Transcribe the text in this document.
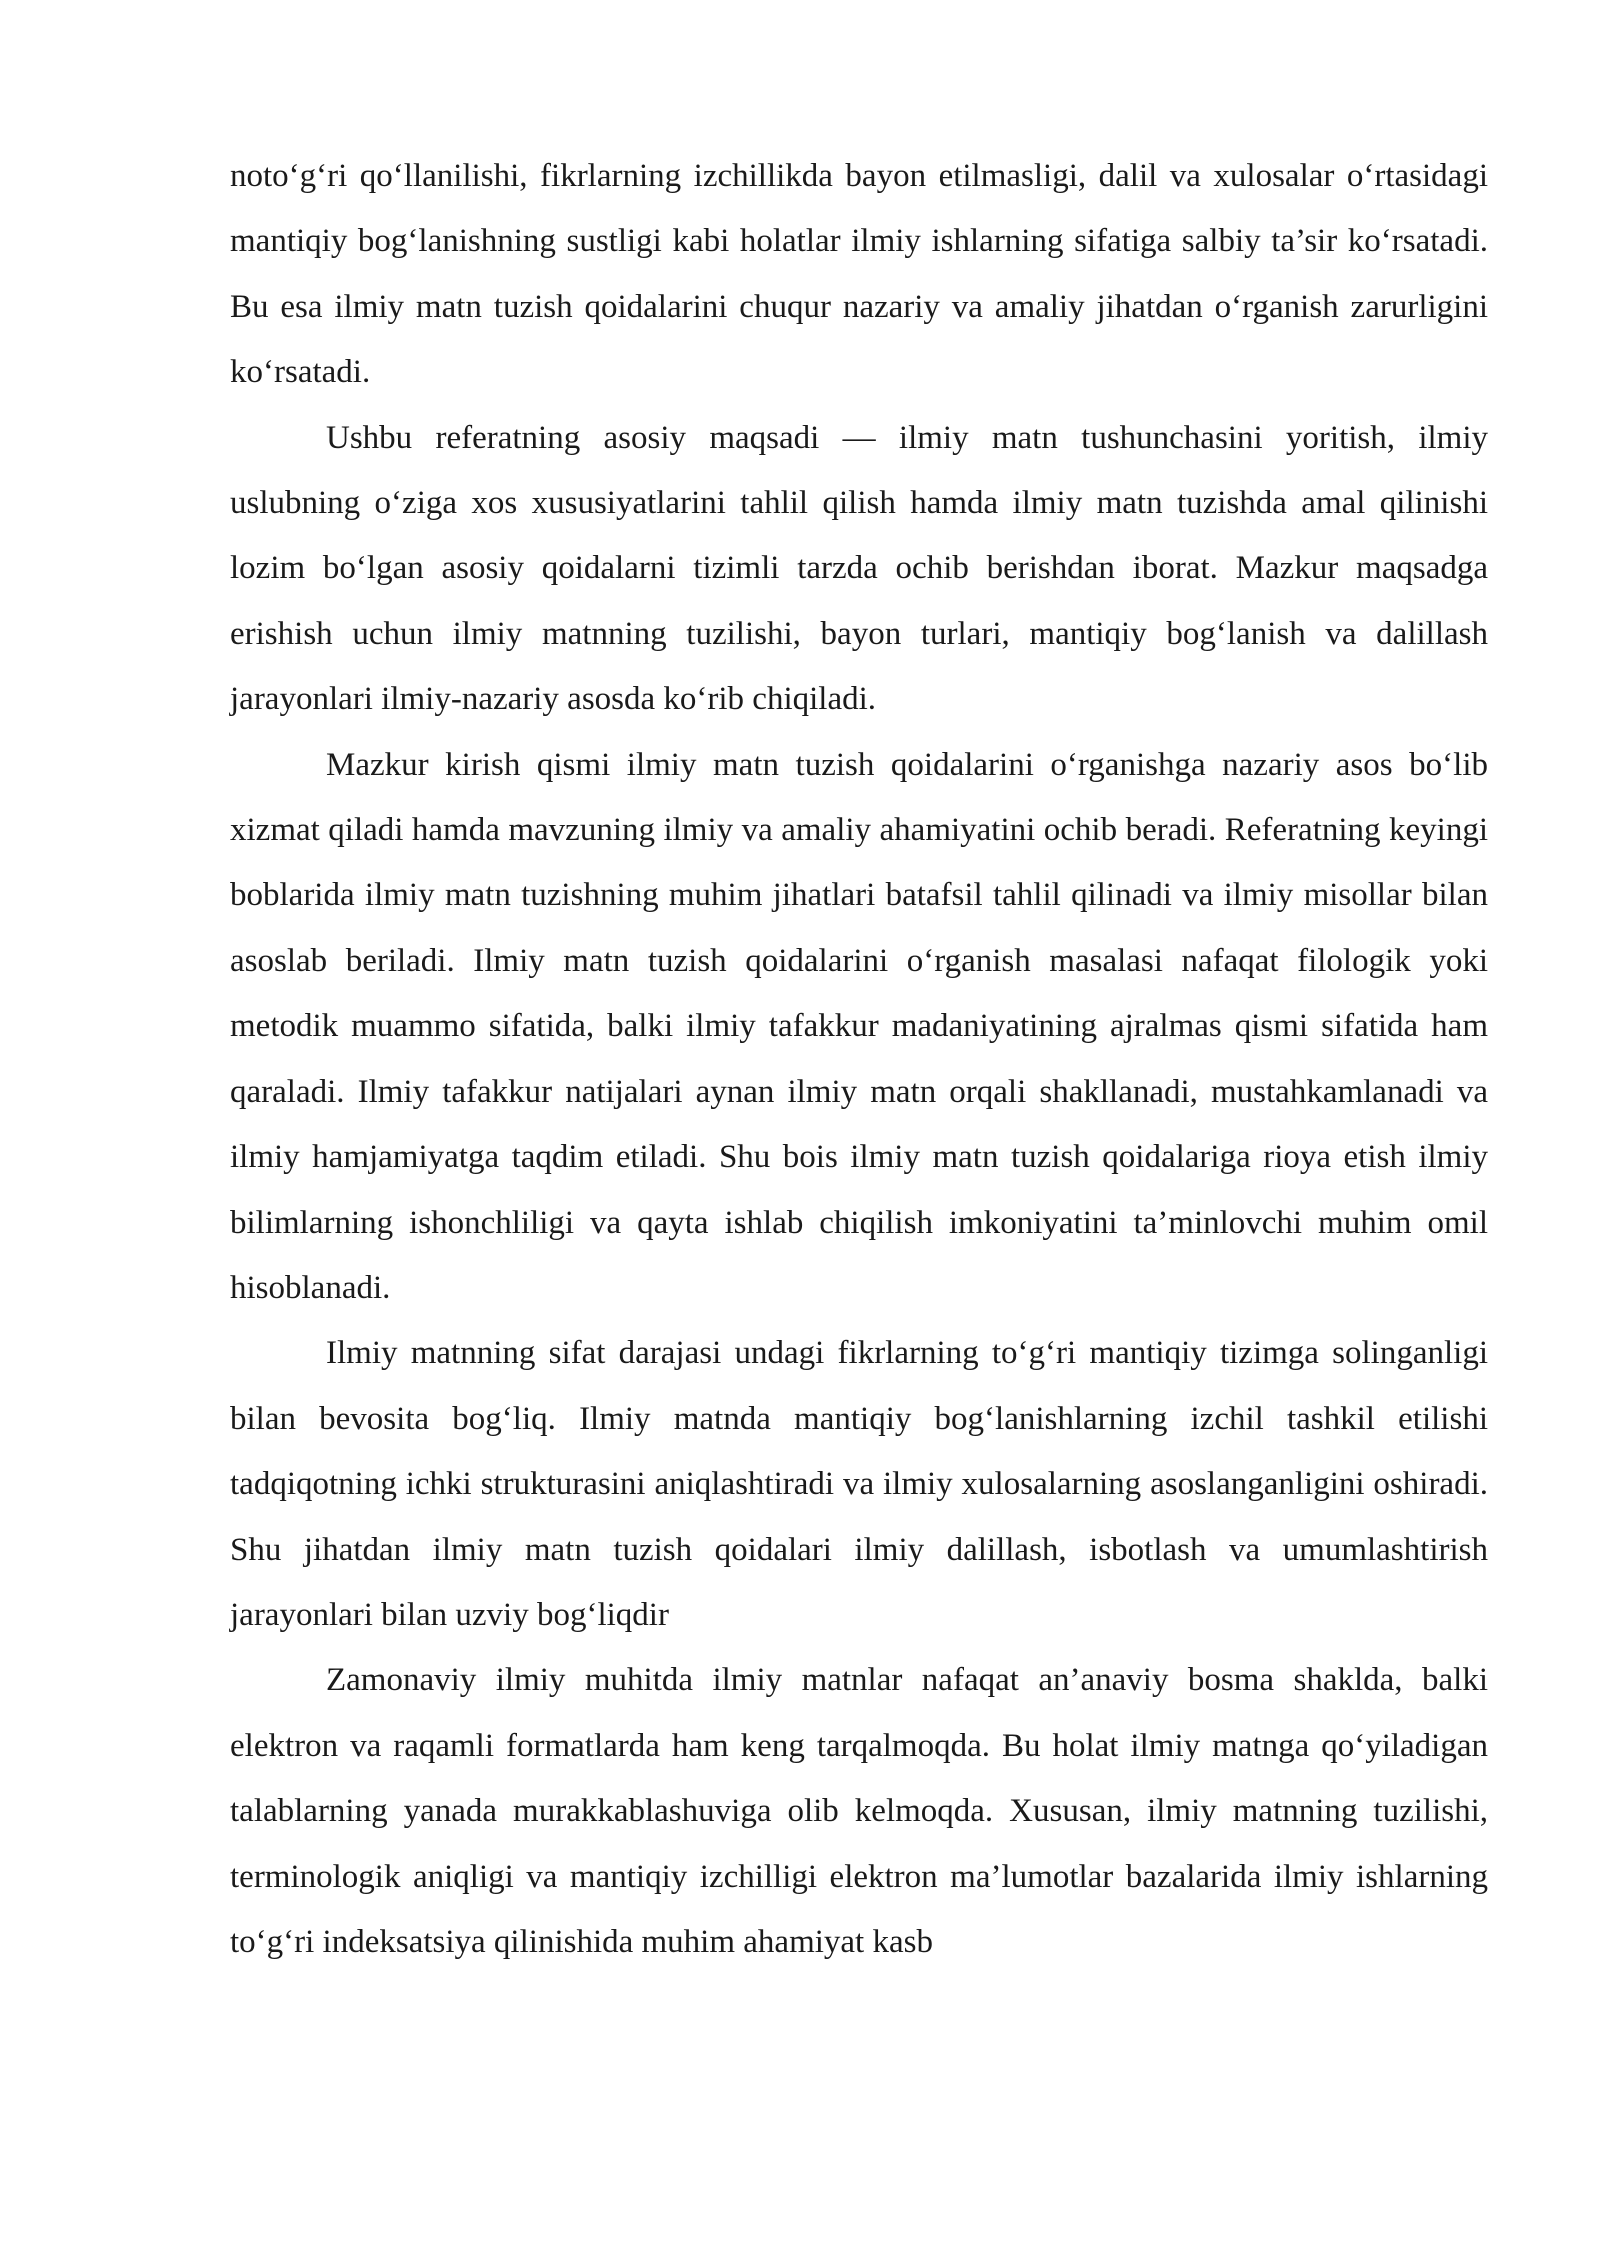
noto‘g‘ri qo‘llanilishi, fikrlarning izchillikda bayon etilmasligi, dalil va xulosalar o‘rtasidagi mantiqiy bog‘lanishning sustligi kabi holatlar ilmiy ishlarning sifatiga salbiy ta’sir ko‘rsatadi. Bu esa ilmiy matn tuzish qoidalarini chuqur nazariy va amaliy jihatdan o‘rganish zarurligini ko‘rsatadi.

Ushbu referatning asosiy maqsadi — ilmiy matn tushunchasini yoritish, ilmiy uslubning o‘ziga xos xususiyatlarini tahlil qilish hamda ilmiy matn tuzishda amal qilinishi lozim bo‘lgan asosiy qoidalarni tizimli tarzda ochib berishdan iborat. Mazkur maqsadga erishish uchun ilmiy matnning tuzilishi, bayon turlari, mantiqiy bog‘lanish va dalillash jarayonlari ilmiy-nazariy asosda ko‘rib chiqiladi.

Mazkur kirish qismi ilmiy matn tuzish qoidalarini o‘rganishga nazariy asos bo‘lib xizmat qiladi hamda mavzuning ilmiy va amaliy ahamiyatini ochib beradi. Referatning keyingi boblarida ilmiy matn tuzishning muhim jihatlari batafsil tahlil qilinadi va ilmiy misollar bilan asoslab beriladi. Ilmiy matn tuzish qoidalarini o‘rganish masalasi nafaqat filologik yoki metodik muammo sifatida, balki ilmiy tafakkur madaniyatining ajralmas qismi sifatida ham qaraladi. Ilmiy tafakkur natijalari aynan ilmiy matn orqali shakllanadi, mustahkamlanadi va ilmiy hamjamiyatga taqdim etiladi. Shu bois ilmiy matn tuzish qoidalariga rioya etish ilmiy bilimlarning ishonchliligi va qayta ishlab chiqilish imkoniyatini ta’minlovchi muhim omil hisoblanadi.

Ilmiy matnning sifat darajasi undagi fikrlarning to‘g‘ri mantiqiy tizimga solinganligi bilan bevosita bog‘liq. Ilmiy matnda mantiqiy bog‘lanishlarning izchil tashkil etilishi tadqiqotning ichki strukturasini aniqlashtiradi va ilmiy xulosalarning asoslanganligini oshiradi. Shu jihatdan ilmiy matn tuzish qoidalari ilmiy dalillash, isbotlash va umumlashtirish jarayonlari bilan uzviy bog‘liqdir

Zamonaviy ilmiy muhitda ilmiy matnlar nafaqat an’anaviy bosma shaklda, balki elektron va raqamli formatlarda ham keng tarqalmoqda. Bu holat ilmiy matnga qo‘yiladigan talablarning yanada murakkablashuviga olib kelmoqda. Xususan, ilmiy matnning tuzilishi, terminologik aniqligi va mantiqiy izchilligi elektron ma’lumotlar bazalarida ilmiy ishlarning to‘g‘ri indeksatsiya qilinishida muhim ahamiyat kasb
